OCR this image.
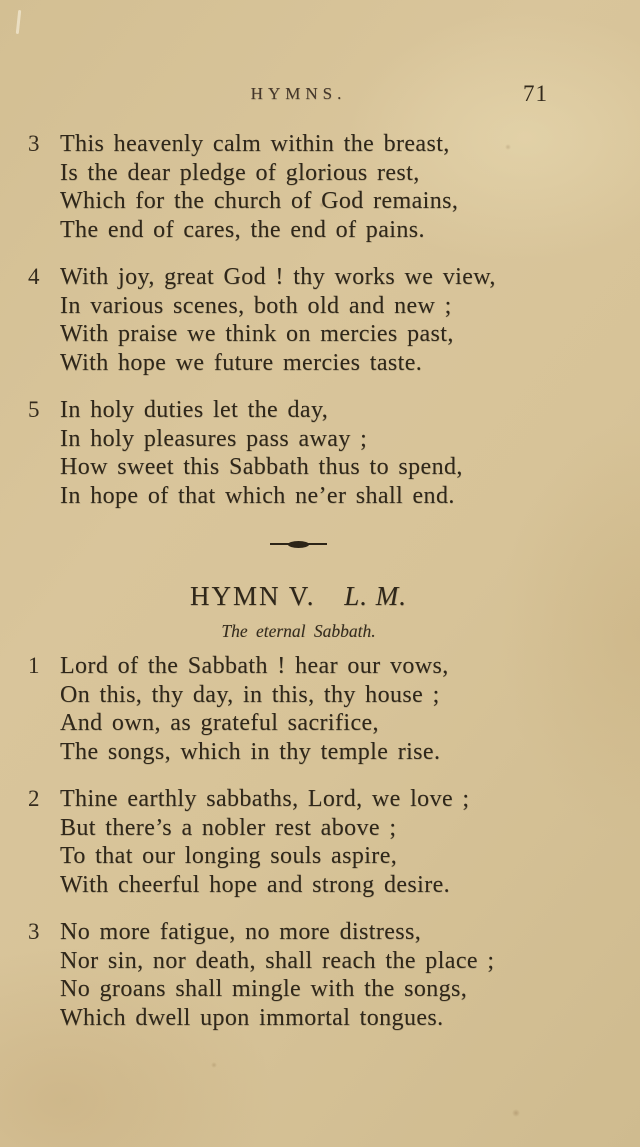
HYMNS.	71
3 This heavenly calm within the breast,
Is the dear pledge of glorious rest,
Which for the church of God remains,
The end of cares, the end of pains.
4 With joy, great God ! thy works we view,
In various scenes, both old and new ;
With praise we think on mercies past,
With hope we future mercies taste.
5 In holy duties let the day,
In holy pleasures pass away ;
How sweet this Sabbath thus to spend,
In hope of that which ne’er shall end.
HYMN V. L. M.

The eternal Sabbath.

1 Lord of the Sabbath ! hear our vows,
On this, thy day, in this, thy house ;
And own, as grateful sacrifice,
The songs, which in thy temple rise.
2 Thine earthly sabbaths, Lord, we love ;
But there’s a nobler rest above ;
To that our longing souls aspire,
With cheerful hope and strong desire.
3 No more fatigue, no more distress,
Nor sin, nor death, shall reach the place ;
No groans shall mingle with the songs,
Which dwell upon immortal tongues.
